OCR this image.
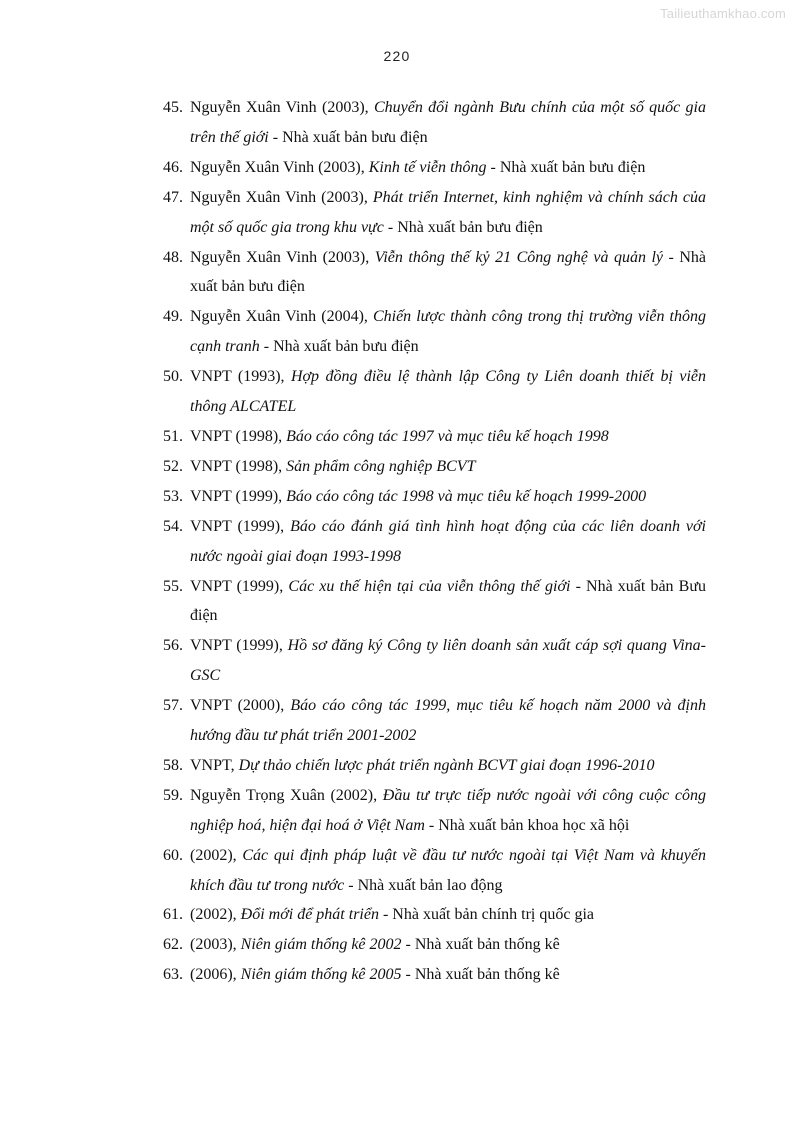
Tailieuthamkhao.com
220
45. Nguyễn Xuân Vinh (2003), Chuyển đổi ngành Bưu chính của một số quốc gia trên thế giới - Nhà xuất bản bưu điện
46. Nguyễn Xuân Vinh (2003), Kinh tế viễn thông - Nhà xuất bản bưu điện
47. Nguyễn Xuân Vinh (2003), Phát triển Internet, kinh nghiệm và chính sách của một số quốc gia trong khu vực - Nhà xuất bản bưu điện
48. Nguyễn Xuân Vinh (2003), Viễn thông thế kỷ 21 Công nghệ và quản lý - Nhà xuất bản bưu điện
49. Nguyễn Xuân Vinh (2004), Chiến lược thành công trong thị trường viễn thông cạnh tranh - Nhà xuất bản bưu điện
50. VNPT (1993), Hợp đồng điều lệ thành lập Công ty Liên doanh thiết bị viễn thông ALCATEL
51. VNPT (1998), Báo cáo công tác 1997 và mục tiêu kế hoạch 1998
52. VNPT (1998), Sản phẩm công nghiệp BCVT
53. VNPT (1999), Báo cáo công tác 1998 và mục tiêu kế hoạch 1999-2000
54. VNPT (1999), Báo cáo đánh giá tình hình hoạt động của các liên doanh với nước ngoài giai đoạn 1993-1998
55. VNPT (1999), Các xu thế hiện tại của viễn thông thế giới - Nhà xuất bản Bưu điện
56. VNPT (1999), Hồ sơ đăng ký Công ty liên doanh sản xuất cáp sợi quang Vina-GSC
57. VNPT (2000), Báo cáo công tác 1999, mục tiêu kế hoạch năm 2000 và định hướng đầu tư phát triển 2001-2002
58. VNPT, Dự thảo chiến lược phát triển ngành BCVT giai đoạn 1996-2010
59. Nguyễn Trọng Xuân (2002), Đầu tư trực tiếp nước ngoài với công cuộc công nghiệp hoá, hiện đại hoá ở Việt Nam - Nhà xuất bản khoa học xã hội
60. (2002), Các qui định pháp luật về đầu tư nước ngoài tại Việt Nam và khuyến khích đầu tư trong nước - Nhà xuất bản lao động
61. (2002), Đổi mới để phát triển - Nhà xuất bản chính trị quốc gia
62. (2003), Niên giám thống kê 2002 - Nhà xuất bản thống kê
63. (2006), Niên giám thống kê 2005 - Nhà xuất bản thống kê
